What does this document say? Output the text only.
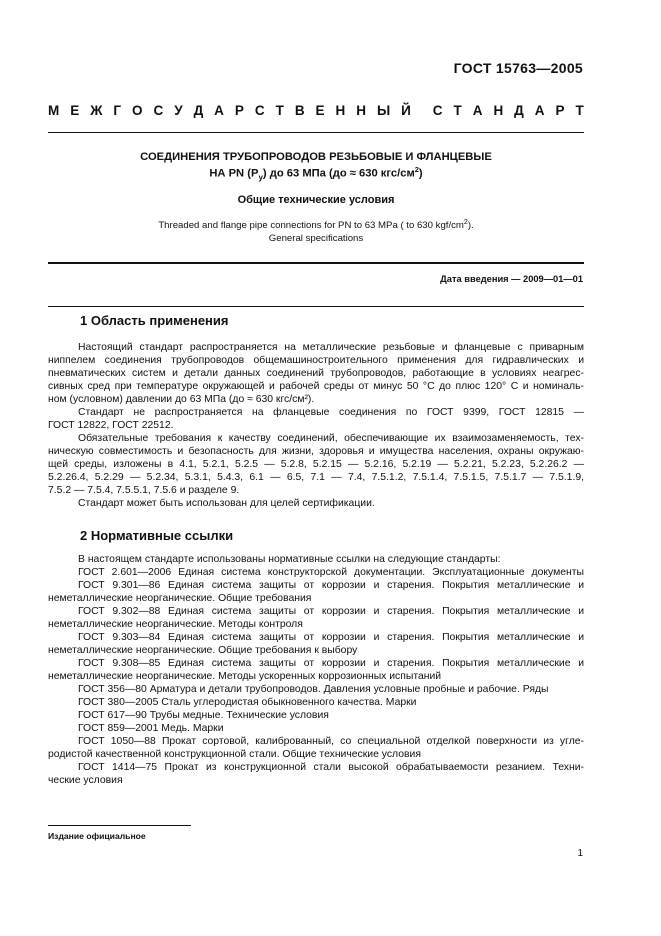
ГОСТ 15763—2005
М Е Ж Г О С У Д А Р С Т В Е Н Н Ы Й С Т А Н Д А Р Т
СОЕДИНЕНИЯ ТРУБОПРОВОДОВ РЕЗЬБОВЫЕ И ФЛАНЦЕВЫЕ
НА PN $(P_y)$ до 63 МПа (до ≈ 630 кгс/$см^2$)
Общие технические условия
Threaded and flange pipe connections for PN to 63 MPa ( to 630 kgf/$cm^2$).
General specifications
Дата введения — 2009—01—01
1 Область применения
Настоящий стандарт распространяется на металлические резьбовые и фланцевые с приварным
ниппелем соединения трубопроводов общемашиностроительного применения для гидравлических и
пневматических систем и детали данных соединений трубопроводов, работающие в условиях неагрес-
сивных сред при температуре окружающей и рабочей среды от минус 50 °С до плюс 120° С и номиналь-
ном (условном) давлении до 63 МПа (до ≈ 630 кгс/см²).
Стандарт не распространяется на фланцевые соединения по ГОСТ 9399, ГОСТ 12815 —
ГОСТ 12822, ГОСТ 22512.
Обязательные требования к качеству соединений, обеспечивающие их взаимозаменяемость, тех-
ническую совместимость и безопасность для жизни, здоровья и имущества населения, охраны окружаю-
щей среды, изложены в 4.1, 5.2.1, 5.2.5 — 5.2.8, 5.2.15 — 5.2.16, 5.2.19 — 5.2.21, 5.2.23, 5.2.26.2 —
5.2.26.4, 5.2.29 — 5.2.34, 5.3.1, 5.4.3, 6.1 — 6.5, 7.1 — 7.4, 7.5.1.2, 7.5.1.4, 7.5.1.5, 7.5.1.7 — 7.5.1.9,
7.5.2 — 7.5.4, 7.5.5.1, 7.5.6 и разделе 9.
Стандарт может быть использован для целей сертификации.
2 Нормативные ссылки
В настоящем стандарте использованы нормативные ссылки на следующие стандарты:
ГОСТ 2.601—2006 Единая система конструкторской документации. Эксплуатационные документы
ГОСТ 9.301—86 Единая система защиты от коррозии и старения. Покрытия металлические и
неметаллические неорганические. Общие требования
ГОСТ 9.302—88 Единая система защиты от коррозии и старения. Покрытия металлические и
неметаллические неорганические. Методы контроля
ГОСТ 9.303—84 Единая система защиты от коррозии и старения. Покрытия металлические и
неметаллические неорганические. Общие требования к выбору
ГОСТ 9.308—85 Единая система защиты от коррозии и старения. Покрытия металлические и
неметаллические неорганические. Методы ускоренных коррозионных испытаний
ГОСТ 356—80 Арматура и детали трубопроводов. Давления условные пробные и рабочие. Ряды
ГОСТ 380—2005 Сталь углеродистая обыкновенного качества. Марки
ГОСТ 617—90 Трубы медные. Технические условия
ГОСТ 859—2001 Медь. Марки
ГОСТ 1050—88 Прокат сортовой, калиброванный, со специальной отделкой поверхности из угле-
родистой качественной конструкционной стали. Общие технические условия
ГОСТ 1414—75 Прокат из конструкционной стали высокой обрабатываемости резанием. Техни-
ческие условия
Издание официальное
1
